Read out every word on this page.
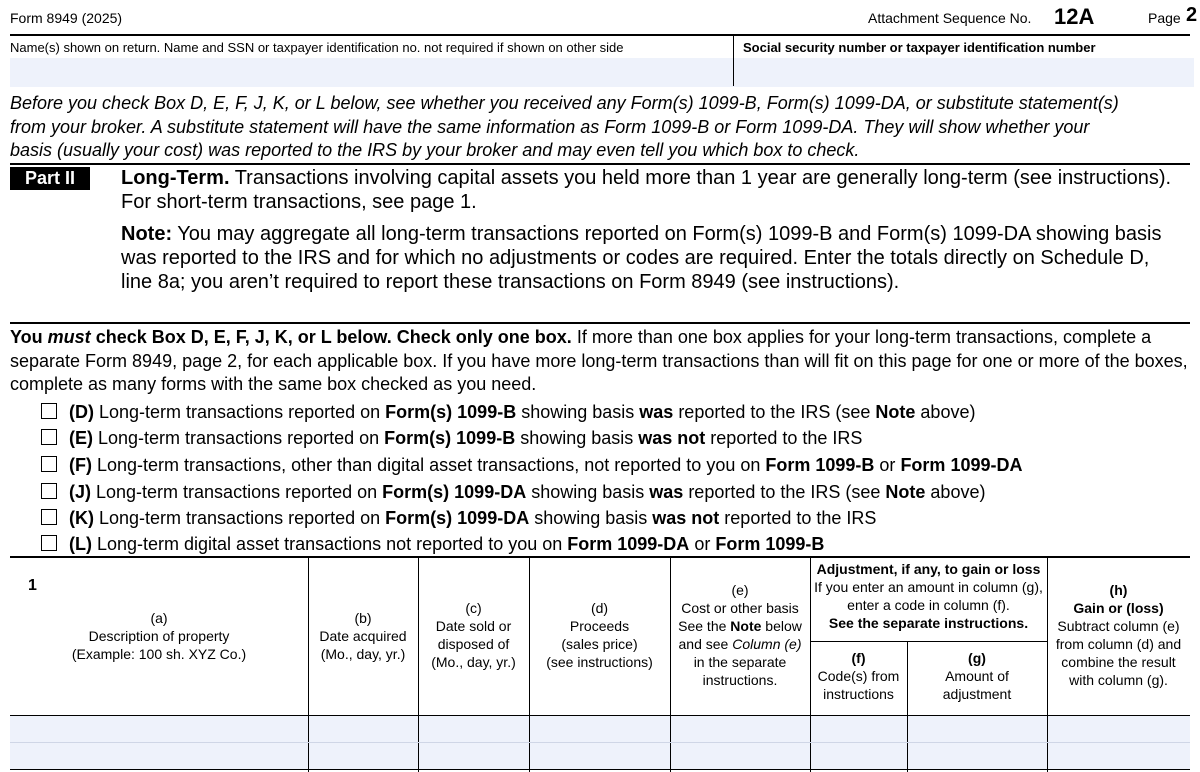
Form 8949 (2025)	Attachment Sequence No. 12A	Page 2
Name(s) shown on return. Name and SSN or taxpayer identification no. not required if shown on other side	Social security number or taxpayer identification number
Before you check Box D, E, F, J, K, or L below, see whether you received any Form(s) 1099-B, Form(s) 1099-DA, or substitute statement(s)
from your broker. A substitute statement will have the same information as Form 1099-B or Form 1099-DA. They will show whether your
basis (usually your cost) was reported to the IRS by your broker and may even tell you which box to check.
Part II	Long-Term. Transactions involving capital assets you held more than 1 year are generally long-term (see instructions). For short-term transactions, see page 1.
Note: You may aggregate all long-term transactions reported on Form(s) 1099-B and Form(s) 1099-DA showing basis was reported to the IRS and for which no adjustments or codes are required. Enter the totals directly on Schedule D, line 8a; you aren’t required to report these transactions on Form 8949 (see instructions).
You must check Box D, E, F, J, K, or L below. Check only one box. If more than one box applies for your long-term transactions, complete a separate Form 8949, page 2, for each applicable box. If you have more long-term transactions than will fit on this page for one or more of the boxes, complete as many forms with the same box checked as you need.
(D) Long-term transactions reported on Form(s) 1099-B showing basis was reported to the IRS (see Note above)
(E) Long-term transactions reported on Form(s) 1099-B showing basis was not reported to the IRS
(F) Long-term transactions, other than digital asset transactions, not reported to you on Form 1099-B or Form 1099-DA
(J) Long-term transactions reported on Form(s) 1099-DA showing basis was reported to the IRS (see Note above)
(K) Long-term transactions reported on Form(s) 1099-DA showing basis was not reported to the IRS
(L) Long-term digital asset transactions not reported to you on Form 1099-DA or Form 1099-B
1
(a)
Description of property
(Example: 100 sh. XYZ Co.)
(b)
Date acquired
(Mo., day, yr.)
(c)
Date sold or
disposed of
(Mo., day, yr.)
(d)
Proceeds
(sales price)
(see instructions)
(e)
Cost or other basis
See the Note below
and see Column (e)
in the separate
instructions.
Adjustment, if any, to gain or loss
If you enter an amount in column (g),
enter a code in column (f).
See the separate instructions.
(f)
Code(s) from
instructions
(g)
Amount of
adjustment
(h)
Gain or (loss)
Subtract column (e)
from column (d) and
combine the result
with column (g).
